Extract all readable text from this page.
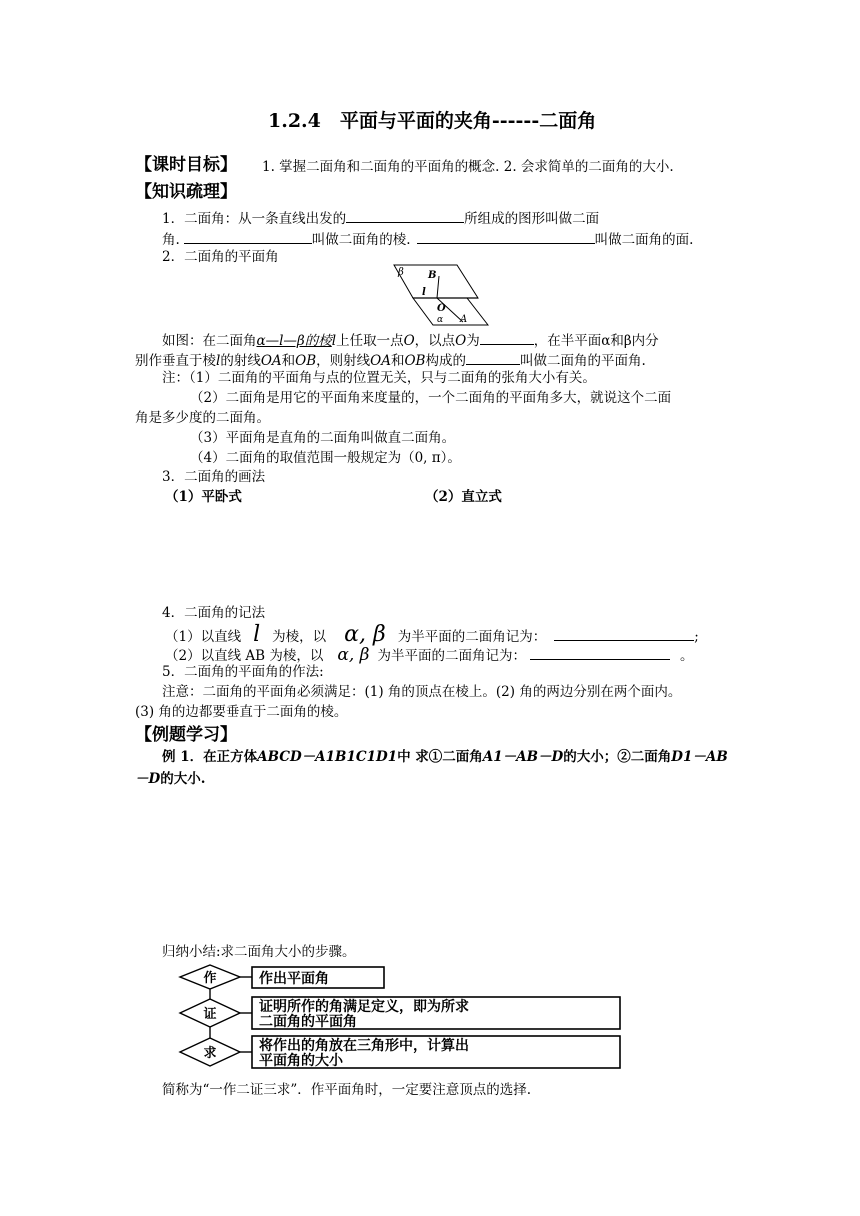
1.2.4　平面与平面的夹角------二面角
【课时目标】 1. 掌握二面角和二面角的平面角的概念. 2. 会求简单的二面角的大小.
【知识疏理】
1．二面角：从一条直线出发的	所组成的图形叫做二面
角.	叫做二面角的棱.	叫做二面角的面.
2．二面角的平面角
β B
l
O
α A
如图：在二面角α—l—β的棱l上任取一点O，以点O为	，在半平面α和β内分
别作垂直于棱l的射线OA和OB，则射线OA和OB构成的	叫做二面角的平面角.
注：（1）二面角的平面角与点的位置无关，只与二面角的张角大小有关。
（2）二面角是用它的平面角来度量的，一个二面角的平面角多大，就说这个二面
角是多少度的二面角。
（3）平面角是直角的二面角叫做直二面角。
（4）二面角的取值范围一般规定为（0, π）。
3．二面角的画法
（1）平卧式	（2）直立式
4．二面角的记法
（1）以直线 l 为棱，以 α, β 为半平面的二面角记为：	;
（2）以直线 AB 为棱，以 α, β 为半平面的二面角记为：	。
5．二面角的平面角的作法:
注意：二面角的平面角必须满足：(1) 角的顶点在棱上。(2) 角的两边分别在两个面内。
(3) 角的边都要垂直于二面角的棱。
【例题学习】
例 1．在正方体ABCD－A1B1C1D1中 求①二面角A1－AB－D的大小；②二面角D1－AB
－D的大小.
归纳小结:求二面角大小的步骤。
作	作出平面角
证	证明所作的角满足定义，即为所求
二面角的平面角
求	将作出的角放在三角形中，计算出
平面角的大小
简称为“一作二证三求”．作平面角时，一定要注意顶点的选择.
